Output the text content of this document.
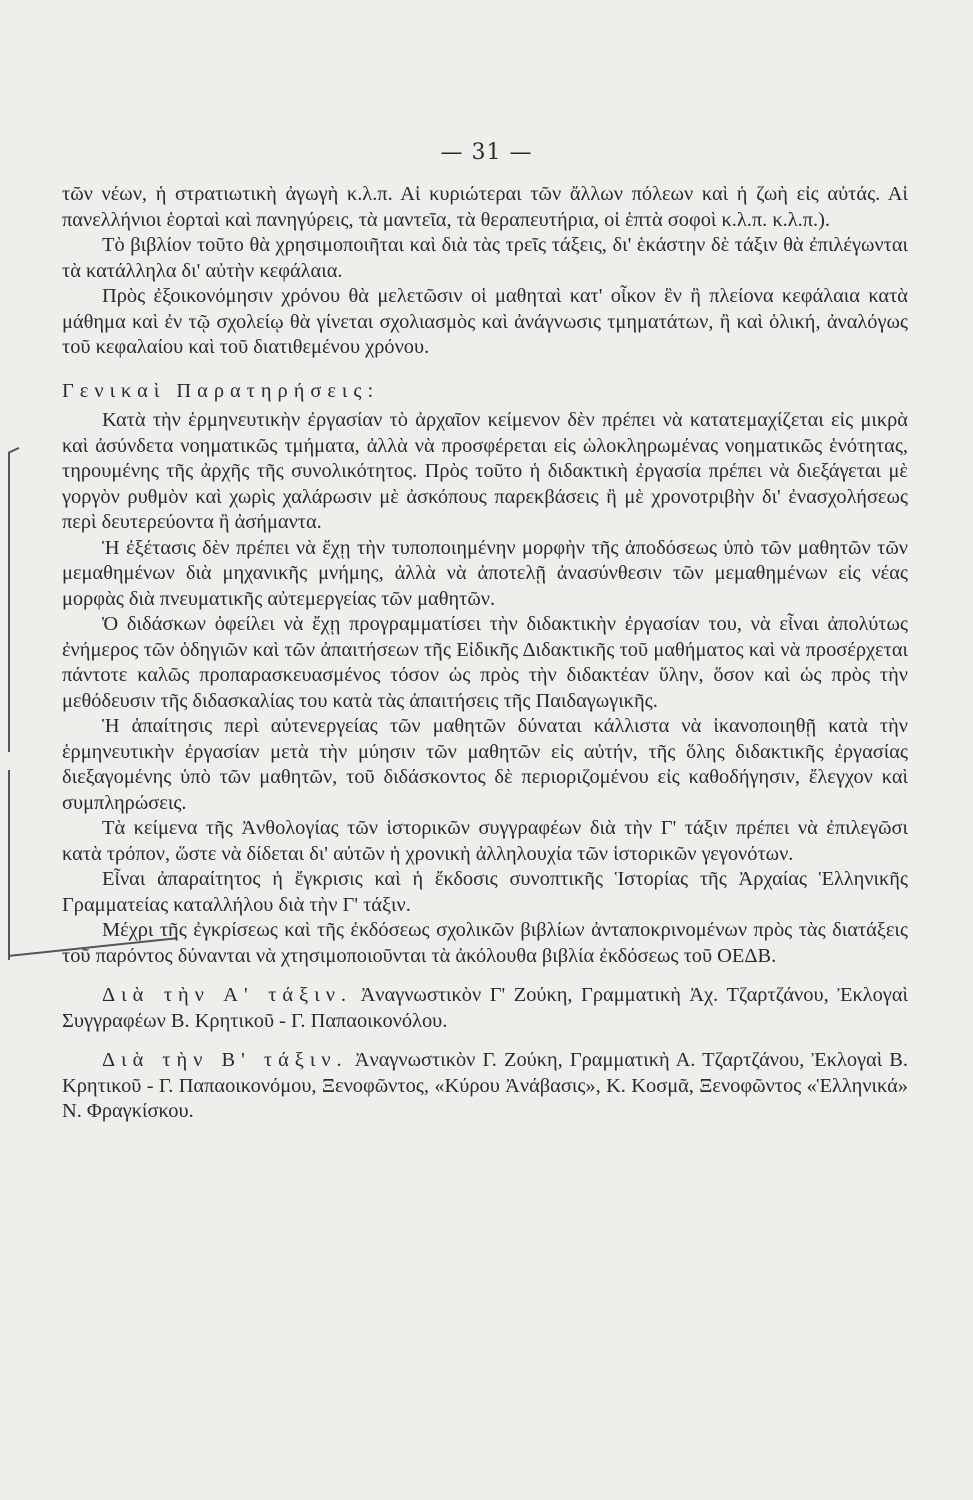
— 31 —

τῶν νέων, ἡ στρατιωτικὴ ἀγωγὴ κ.λ.π. Αἱ κυριώτεραι τῶν ἄλλων πόλεων καὶ ἡ ζωὴ εἰς αὐτάς. Αἱ πανελλήνιοι ἑορταὶ καὶ πανηγύρεις, τὰ μαντεῖα, τὰ θεραπευτήρια, οἱ ἑπτὰ σοφοὶ κ.λ.π. κ.λ.π.).

Τὸ βιβλίον τοῦτο θὰ χρησιμοποιῆται καὶ διὰ τὰς τρεῖς τάξεις, δι' ἑκάστην δὲ τάξιν θὰ ἐπιλέγωνται τὰ κατάλληλα δι' αὐτὴν κεφάλαια.

Πρὸς ἐξοικονόμησιν χρόνου θὰ μελετῶσιν οἱ μαθηταὶ κατ' οἶκον ἓν ἢ πλείονα κεφάλαια κατὰ μάθημα καὶ ἐν τῷ σχολείῳ θὰ γίνεται σχολιασμὸς καὶ ἀνάγνωσις τμηματάτων, ἢ καὶ ὁλική, ἀναλόγως τοῦ κεφαλαίου καὶ τοῦ διατιθεμένου χρόνου.

Γενικαὶ Παρατηρήσεις:

Κατὰ τὴν ἑρμηνευτικὴν ἐργασίαν τὸ ἀρχαῖον κείμενον δὲν πρέπει νὰ κατατεμαχίζεται εἰς μικρὰ καὶ ἀσύνδετα νοηματικῶς τμήματα, ἀλλὰ νὰ προσφέρεται εἰς ὡλοκληρωμένας νοηματικῶς ἑνότητας, τηρουμένης τῆς ἀρχῆς τῆς συνολικότητος. Πρὸς τοῦτο ἡ διδακτικὴ ἐργασία πρέπει νὰ διεξάγεται μὲ γοργὸν ρυθμὸν καὶ χωρὶς χαλάρωσιν μὲ ἀσκόπους παρεκβάσεις ἢ μὲ χρονοτριβὴν δι' ἐνασχολήσεως περὶ δευτερεύοντα ἢ ἀσήμαντα.

Ἡ ἐξέτασις δὲν πρέπει νὰ ἔχῃ τὴν τυποποιημένην μορφὴν τῆς ἀποδόσεως ὑπὸ τῶν μαθητῶν τῶν μεμαθημένων διὰ μηχανικῆς μνήμης, ἀλλὰ νὰ ἀποτελῇ ἀνασύνθεσιν τῶν μεμαθημένων εἰς νέας μορφὰς διὰ πνευματικῆς αὐτεμεργείας τῶν μαθητῶν.

Ὁ διδάσκων ὀφείλει νὰ ἔχῃ προγραμματίσει τὴν διδακτικὴν ἐργασίαν του, νὰ εἶναι ἀπολύτως ἐνήμερος τῶν ὁδηγιῶν καὶ τῶν ἀπαιτήσεων τῆς Εἰδικῆς Διδακτικῆς τοῦ μαθήματος καὶ νὰ προσέρχεται πάντοτε καλῶς προπαρασκευασμένος τόσον ὡς πρὸς τὴν διδακτέαν ὕλην, ὅσον καὶ ὡς πρὸς τὴν μεθόδευσιν τῆς διδασκαλίας του κατὰ τὰς ἀπαιτήσεις τῆς Παιδαγωγικῆς.

Ἡ ἀπαίτησις περὶ αὐτενεργείας τῶν μαθητῶν δύναται κάλλιστα νὰ ἱκανοποιηθῇ κατὰ τὴν ἑρμηνευτικὴν ἐργασίαν μετὰ τὴν μύησιν τῶν μαθητῶν εἰς αὐτήν, τῆς ὅλης διδακτικῆς ἐργασίας διεξαγομένης ὑπὸ τῶν μαθητῶν, τοῦ διδάσκοντος δὲ περιοριζομένου εἰς καθοδήγησιν, ἔλεγχον καὶ συμπληρώσεις.

Τὰ κείμενα τῆς Ἀνθολογίας τῶν ἱστορικῶν συγγραφέων διὰ τὴν Γ' τάξιν πρέπει νὰ ἐπιλεγῶσι κατὰ τρόπον, ὥστε νὰ δίδεται δι' αὐτῶν ἡ χρονικὴ ἀλληλουχία τῶν ἱστορικῶν γεγονότων.

Εἶναι ἀπαραίτητος ἡ ἔγκρισις καὶ ἡ ἔκδοσις συνοπτικῆς Ἱστορίας τῆς Ἀρχαίας Ἑλληνικῆς Γραμματείας καταλλήλου διὰ τὴν Γ' τάξιν.

Μέχρι τῆς ἐγκρίσεως καὶ τῆς ἐκδόσεως σχολικῶν βιβλίων ἀνταποκρινομένων πρὸς τὰς διατάξεις τοῦ παρόντος δύνανται νὰ χτησιμοποιοῦνται τὰ ἀκόλουθα βιβλία ἐκδόσεως τοῦ ΟΕΔΒ.

Διὰ τὴν Α' τάξιν. Ἀναγνωστικὸν Γ' Ζούκη, Γραμματικὴ Ἀχ. Τζαρτζάνου, Ἐκλογαὶ Συγγραφέων Β. Κρητικοῦ - Γ. Παπαοικονόλου.

Διὰ τὴν Β' τάξιν. Ἀναγνωστικὸν Γ. Ζούκη, Γραμματικὴ Α. Τζαρτζάνου, Ἐκλογαὶ Β. Κρητικοῦ - Γ. Παπαοικονόμου, Ξενοφῶντος, «Κύρου Ἀνάβασις», Κ. Κοσμᾶ, Ξενοφῶντος «Ἑλληνικά» Ν. Φραγκίσκου.
